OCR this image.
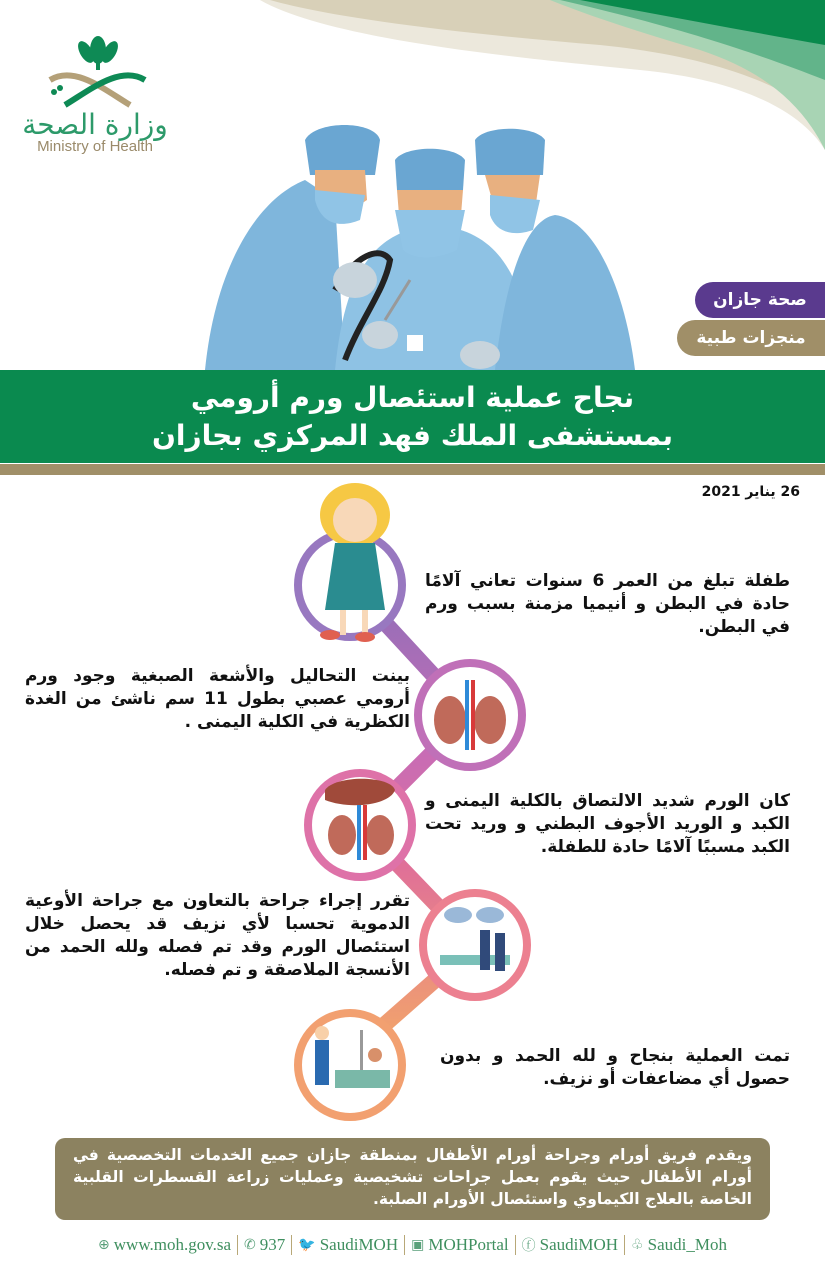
وزارة الصحة
Ministry of Health
صحة جازان
منجزات طبية
نجاح عملية استئصال ورم أرومي
بمستشفى الملك فهد المركزي بجازان
26 يناير 2021
طفلة تبلغ من العمر 6 سنوات تعاني آلامًا حادة في البطن و أنيميا مزمنة بسبب ورم في البطن.
بينت التحاليل والأشعة الصبغية وجود ورم أرومي عصبي بطول 11 سم ناشئ من الغدة الكظرية في الكلية اليمنى .
كان الورم شديد الالتصاق بالكلية اليمنى و الكبد و الوريد الأجوف البطني و وريد تحت الكبد مسببًا آلامًا حادة للطفلة.
تقرر إجراء جراحة بالتعاون مع جراحة الأوعية الدموية تحسبا لأي نزيف قد يحصل خلال استئصال الورم وقد تم فصله ولله الحمد من الأنسجة الملاصقة و تم فصله.
تمت العملية بنجاح و لله الحمد و بدون حصول أي مضاعفات أو نزيف.
ويقدم فريق أورام وجراحة أورام الأطفال بمنطقة جازان جميع الخدمات التخصصية في أورام الأطفال حيث يقوم بعمل جراحات تشخيصية وعمليات زراعة القسطرات القلبية الخاصة بالعلاج الكيماوي واستئصال الأورام الصلبة.
⊕ www.moh.gov.sa ✆ 937 🐦 SaudiMOH ▣ MOHPortal ⓕ SaudiMOH ♧ Saudi_Moh
